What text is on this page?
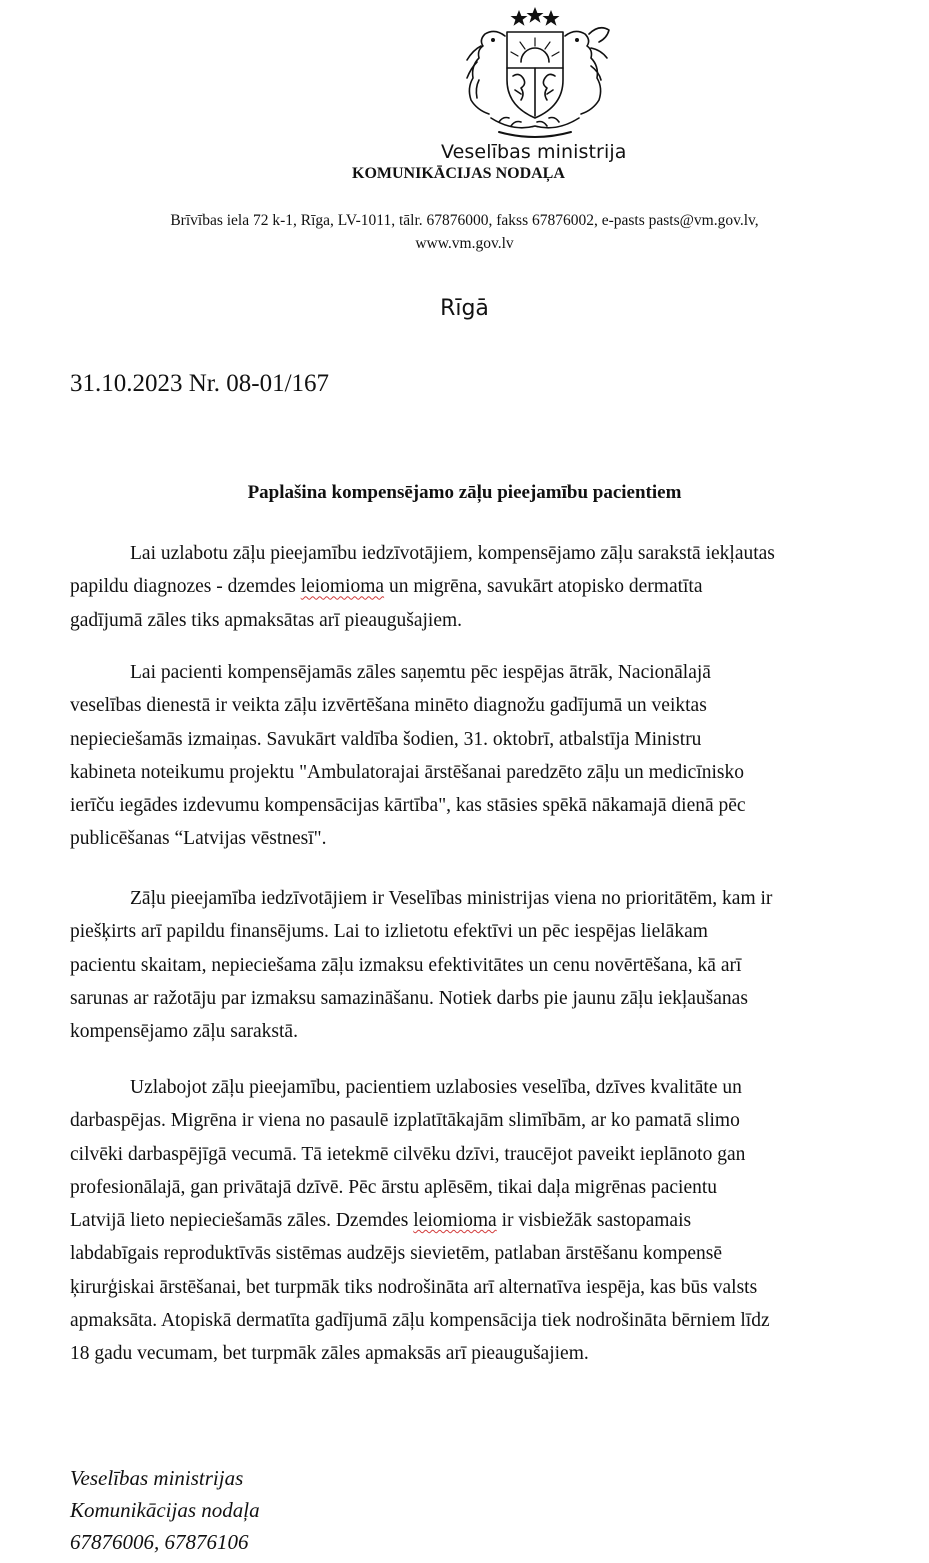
Veselības ministrija
KOMUNIKĀCIJAS NODAĻA
Brīvības iela 72 k-1, Rīga, LV-1011, tālr. 67876000, fakss 67876002, e-pasts pasts@vm.gov.lv,
www.vm.gov.lv
Rīgā
31.10.2023 Nr. 08-01/167
Paplašina kompensējamo zāļu pieejamību pacientiem
Lai uzlabotu zāļu pieejamību iedzīvotājiem, kompensējamo zāļu sarakstā iekļautas
papildu diagnozes - dzemdes leiomioma un migrēna, savukārt atopisko dermatīta
gadījumā zāles tiks apmaksātas arī pieaugušajiem.
Lai pacienti kompensējamās zāles saņemtu pēc iespējas ātrāk, Nacionālajā
veselības dienestā ir veikta zāļu izvērtēšana minēto diagnožu gadījumā un veiktas
nepieciešamās izmaiņas. Savukārt valdība šodien, 31. oktobrī, atbalstīja Ministru
kabineta noteikumu projektu "Ambulatorajai ārstēšanai paredzēto zāļu un medicīnisko
ierīču iegādes izdevumu kompensācijas kārtība", kas stāsies spēkā nākamajā dienā pēc
publicēšanas “Latvijas vēstnesī".
Zāļu pieejamība iedzīvotājiem ir Veselības ministrijas viena no prioritātēm, kam ir
piešķirts arī papildu finansējums. Lai to izlietotu efektīvi un pēc iespējas lielākam
pacientu skaitam, nepieciešama zāļu izmaksu efektivitātes un cenu novērtēšana, kā arī
sarunas ar ražotāju par izmaksu samazināšanu. Notiek darbs pie jaunu zāļu iekļaušanas
kompensējamo zāļu sarakstā.
Uzlabojot zāļu pieejamību, pacientiem uzlabosies veselība, dzīves kvalitāte un
darbaspējas. Migrēna ir viena no pasaulē izplatītākajām slimībām, ar ko pamatā slimo
cilvēki darbaspējīgā vecumā. Tā ietekmē cilvēku dzīvi, traucējot paveikt ieplānoto gan
profesionālajā, gan privātajā dzīvē. Pēc ārstu aplēsēm, tikai daļa migrēnas pacientu
Latvijā lieto nepieciešamās zāles. Dzemdes leiomioma ir visbiežāk sastopamais
labdabīgais reproduktīvās sistēmas audzējs sievietēm, patlaban ārstēšanu kompensē
ķirurģiskai ārstēšanai, bet turpmāk tiks nodrošināta arī alternatīva iespēja, kas būs valsts
apmaksāta. Atopiskā dermatīta gadījumā zāļu kompensācija tiek nodrošināta bērniem līdz
18 gadu vecumam, bet turpmāk zāles apmaksās arī pieaugušajiem.
Veselības ministrijas
Komunikācijas nodaļa
67876006, 67876106
